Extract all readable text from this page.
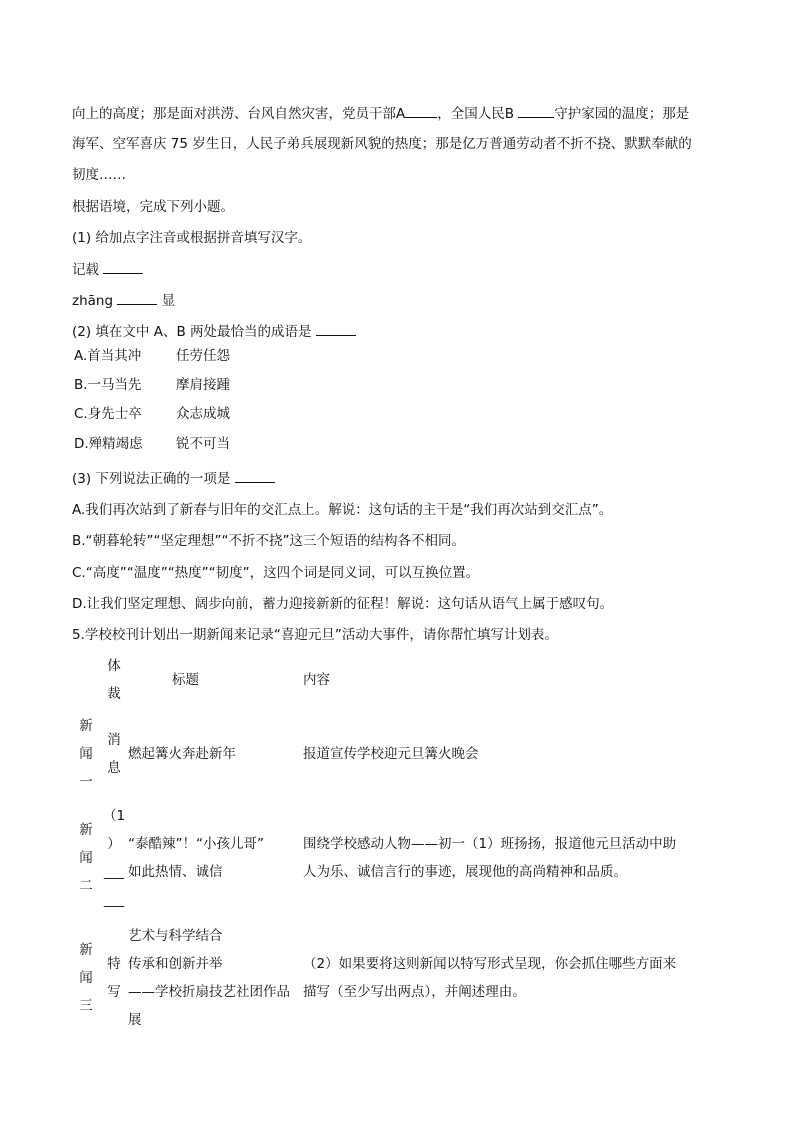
向上的高度；那是面对洪涝、台风自然灾害，党员干部A ，全国人民B	守护家园的温度；那是
海军、空军喜庆 75 岁生日，人民子弟兵展现新风貌的热度；那是亿万普通劳动者不折不挠、默默奉献的
韧度……
根据语境，完成下列小题。
(1) 给加点字注音或根据拼音填写汉字。
记载
zhāng	显
(2) 填在文中 A、B 两处最恰当的成语是
A.首当其冲	任劳任怨
B.一马当先	摩肩接踵
C.身先士卒	众志成城
D.殚精竭虑 锐不可当
(3) 下列说法正确的一项是
A.我们再次站到了新春与旧年的交汇点上。解说：这句话的主干是“我们再次站到交汇点”。
B.“朝暮轮转”“坚定理想”“不折不挠”这三个短语的结构各不相同。
C.“高度”“温度”“热度”“韧度”，这四个词是同义词，可以互换位置。
D.让我们坚定理想、阔步向前，蓄力迎接新新的征程！解说：这句话从语气上属于感叹句。
5.学校校刊计划出一期新闻来记录“喜迎元旦”活动大事件，请你帮忙填写计划表。

	体
裁	标题	内容

新
闻
一	消
息	燃起篝火奔赴新年	报道宣传学校迎元旦篝火晚会

新
闻
二	（1
）
___
___	“泰酷辣”！“小孩儿哥”
如此热情、诚信	围绕学校感动人物——初一（1）班扬扬，报道他元旦活动中助
人为乐、诚信言行的事迹，展现他的高尚精神和品质。

新
闻
三	特
写	艺术与科学结合
传承和创新并举
——学校折扇技艺社团作品
展	（2）如果要将这则新闻以特写形式呈现，你会抓住哪些方面来
描写（至少写出两点），并阐述理由。
